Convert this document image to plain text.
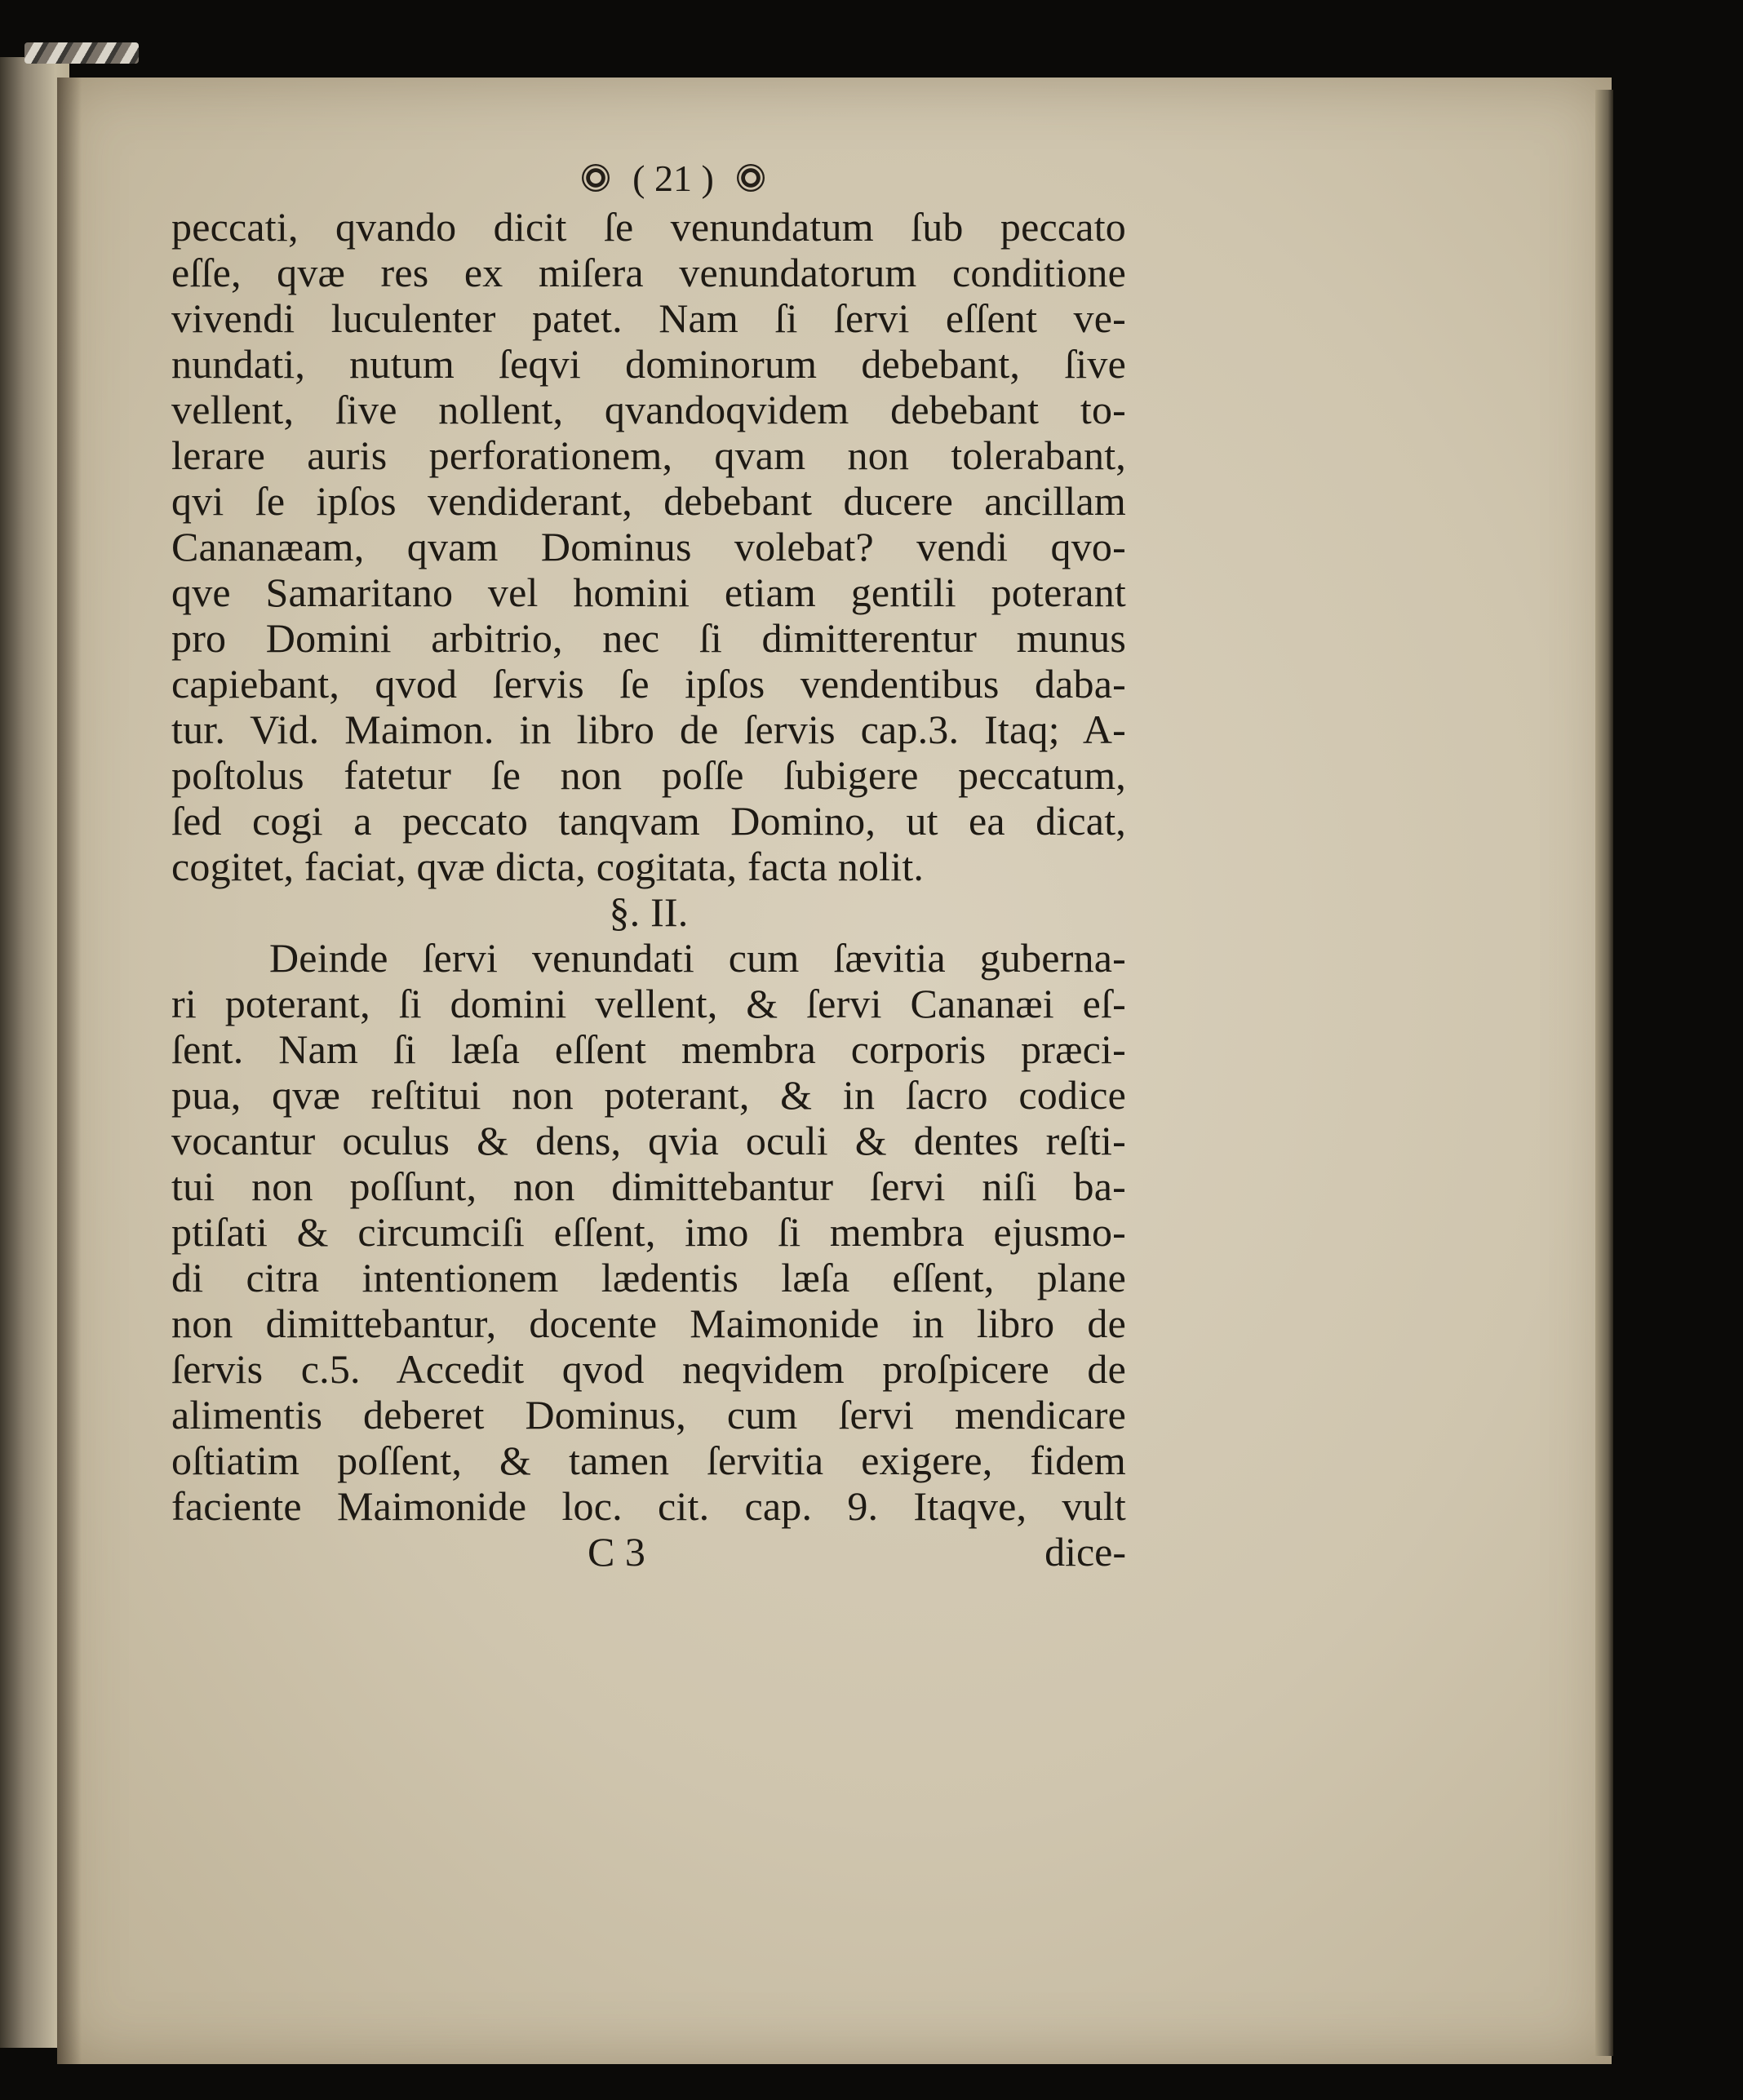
( 21 )
peccati, qvando dicit ſe venundatum ſub peccato
eſſe, qvæ res ex miſera venundatorum conditione
vivendi luculenter patet. Nam ſi ſervi eſſent ve-
nundati, nutum ſeqvi dominorum debebant, ſive
vellent, ſive nollent, qvandoqvidem debebant to-
lerare auris perforationem, qvam non tolerabant,
qvi ſe ipſos vendiderant, debebant ducere ancillam
Cananæam, qvam Dominus volebat? vendi qvo-
qve Samaritano vel homini etiam gentili poterant
pro Domini arbitrio, nec ſi dimitterentur munus
capiebant, qvod ſervis ſe ipſos vendentibus daba-
tur. Vid. Maimon. in libro de ſervis cap.3. Itaq; A-
poſtolus fatetur ſe non poſſe ſubigere peccatum,
ſed cogi a peccato tanqvam Domino, ut ea dicat,
cogitet, faciat, qvæ dicta, cogitata, facta nolit.
§. II.
Deinde ſervi venundati cum ſævitia guberna-
ri poterant, ſi domini vellent, & ſervi Cananæi eſ-
ſent. Nam ſi læſa eſſent membra corporis præci-
pua, qvæ reſtitui non poterant, & in ſacro codice
vocantur oculus & dens, qvia oculi & dentes reſti-
tui non poſſunt, non dimittebantur ſervi niſi ba-
ptiſati & circumciſi eſſent, imo ſi membra ejusmo-
di citra intentionem lædentis læſa eſſent, plane
non dimittebantur, docente Maimonide in libro de
ſervis c.5. Accedit qvod neqvidem proſpicere de
alimentis deberet Dominus, cum ſervi mendicare
oſtiatim poſſent, & tamen ſervitia exigere, fidem
faciente Maimonide loc. cit. cap. 9. Itaqve, vult
C 3	dice-
